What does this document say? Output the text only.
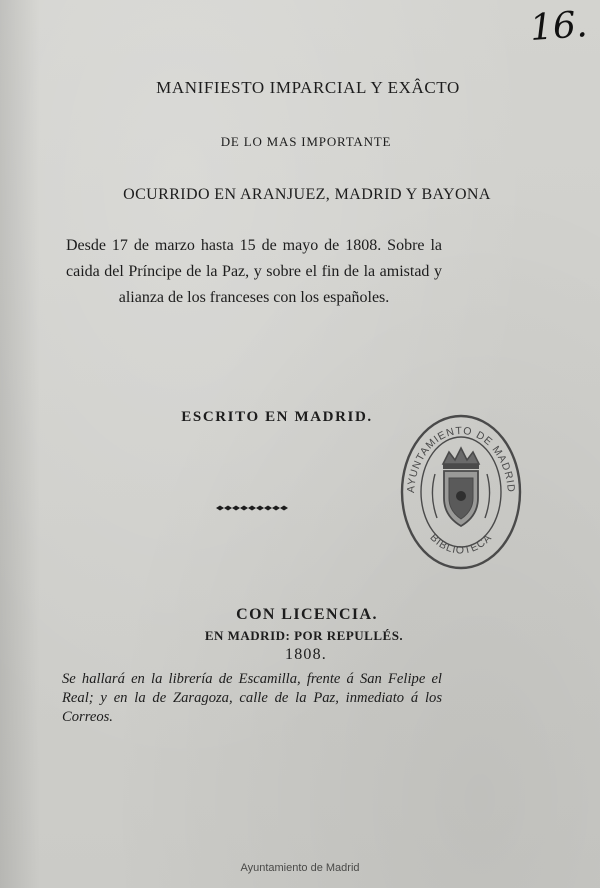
16.
MANIFIESTO IMPARCIAL Y EXÂCTO
DE LO MAS IMPORTANTE
OCURRIDO EN ARANJUEZ, MADRID Y BAYONA
Desde 17 de marzo hasta 15 de mayo de 1808. Sobre la caida del Príncipe de la Paz, y sobre el fin de la amistad y alianza de los franceses con los españoles.
ESCRITO EN MADRID.
CON LICENCIA.
EN MADRID: POR REPULLÉS.
1808.
Se hallará en la librería de Escamilla, frente á San Felipe el Real; y en la de Zaragoza, calle de la Paz, inmediato á los Correos.
AYUNTAMIENTO DE MADRID
BIBLIOTECA
Ayuntamiento de Madrid
